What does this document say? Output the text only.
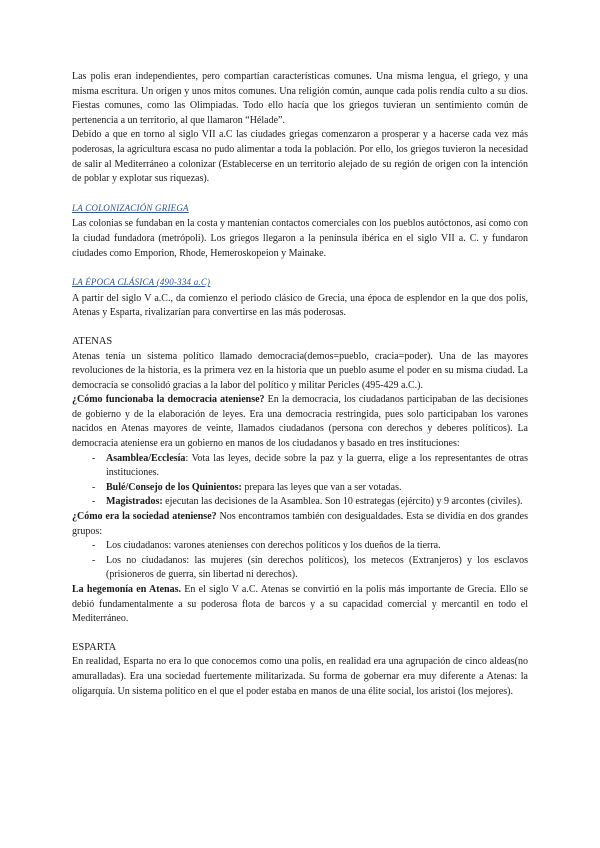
Las polis eran independientes, pero compartían características comunes. Una misma lengua, el griego, y una misma escritura. Un origen y unos mitos comunes. Una religión común, aunque cada polis rendía culto a su dios. Fiestas comunes, como las Olimpiadas. Todo ello hacía que los griegos tuvieran un sentimiento común de pertenencia a un territorio, al que llamaron “Hélade”.

Debido a que en torno al siglo VII a.C las ciudades griegas comenzaron a prosperar y a hacerse cada vez más poderosas, la agricultura escasa no pudo alimentar a toda la población. Por ello, los griegos tuvieron la necesidad de salir al Mediterráneo a colonizar (Establecerse en un territorio alejado de su región de origen con la intención de poblar y explotar sus riquezas).

LA COLONIZACIÓN GRIEGA

Las colonias se fundaban en la costa y mantenían contactos comerciales con los pueblos autóctonos, así como con la ciudad fundadora (metrópoli). Los griegos llegaron a la península ibérica en el siglo VII a. C. y fundaron ciudades como Emporion, Rhode, Hemeroskopeion y Mainake.

LA ÉPOCA CLÁSICA (490-334 a.C)

A partir del siglo V a.C., da comienzo el periodo clásico de Grecia, una época de esplendor en la que dos polis, Atenas y Esparta, rivalizarían para convertirse en las más poderosas.

ATENAS

Atenas tenía un sistema político llamado democracia(demos=pueblo, cracia=poder). Una de las mayores revoluciones de la historia, es la primera vez en la historia que un pueblo asume el poder en su misma ciudad. La democracia se consolidó gracias a la labor del político y militar Pericles (495-429 a.C.).

¿Cómo funcionaba la democracia ateniense? En la democracia, los ciudadanos participaban de las decisiones de gobierno y de la elaboración de leyes. Era una democracia restringida, pues solo participaban los varones nacidos en Atenas mayores de veinte, llamados ciudadanos (persona con derechos y deberes políticos). La democracia ateniense era un gobierno en manos de los ciudadanos y basado en tres instituciones:

- Asamblea/Ecclesía: Vota las leyes, decide sobre la paz y la guerra, elige a los representantes de otras instituciones.
- Bulé/Consejo de los Quinientos: prepara las leyes que van a ser votadas.
- Magistrados: ejecutan las decisiones de la Asamblea. Son 10 estrategas (ejército) y 9 arcontes (civiles).

¿Cómo era la sociedad ateniense? Nos encontramos también con desigualdades. Esta se dividía en dos grandes grupos:

- Los ciudadanos: varones atenienses con derechos políticos y los dueños de la tierra.
- Los no ciudadanos: las mujeres (sin derechos políticos), los metecos (Extranjeros) y los esclavos (prisioneros de guerra, sin libertad ni derechos).

La hegemonía en Atenas. En el siglo V a.C. Atenas se convirtió en la polis más importante de Grecia. Ello se debió fundamentalmente a su poderosa flota de barcos y a su capacidad comercial y mercantil en todo el Mediterráneo.

ESPARTA

En realidad, Esparta no era lo que conocemos como una polis, en realidad era una agrupación de cinco aldeas(no amuralladas). Era una sociedad fuertemente militarizada. Su forma de gobernar era muy diferente a Atenas: la oligarquía. Un sistema político en el que el poder estaba en manos de una élite social, los aristoi (los mejores).
